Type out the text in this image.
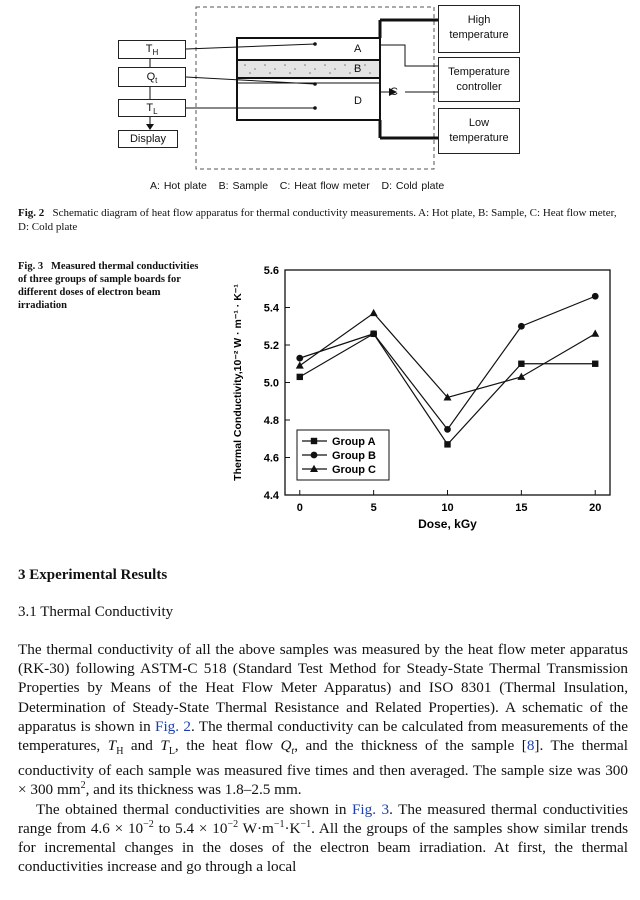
A
B
C
D
$T_H$
$Q_t$
$T_L$
Display
High temperature
Temperature controller
Low temperature
A: Hot plate   B: Sample   C: Heat flow meter   D: Cold plate
Fig. 2 Schematic diagram of heat flow apparatus for thermal conductivity measurements. A: Hot plate, B: Sample, C: Heat flow meter, D: Cold plate
Fig. 3 Measured thermal conductivities of three groups of sample boards for different doses of electron beam irradiation
4.4
4.6
4.8
5.0
5.2
5.4
5.6
0	5	10	15	20
Dose, kGy
Thermal Conductivity,10⁻² W · m⁻¹ · K⁻¹	Group A
Group B
Group C
3 Experimental Results
3.1 Thermal Conductivity

The thermal conductivity of all the above samples was measured by the heat flow meter apparatus (RK-30) following ASTM-C 518 (Standard Test Method for Steady-State Thermal Transmission Properties by Means of the Heat Flow Meter Apparatus) and ISO 8301 (Thermal Insulation, Determination of Steady-State Thermal Resistance and Related Properties). A schematic of the apparatus is shown in Fig. 2. The thermal conductivity can be calculated from measurements of the temperatures, $T_H$ and $T_L$, the heat flow $Q_t$, and the thickness of the sample [8]. The thermal conductivity of each sample was measured five times and then averaged. The sample size was 300 × 300 $mm^2$, and its thickness was 1.8–2.5 mm.

The obtained thermal conductivities are shown in Fig. 3. The measured thermal conductivities range from $4.6 \times 10^{-2}$ to $5.4 \times 10^{-2}$ $W\cdot m^{-1}\cdot K^{-1}$. All the groups of the samples show similar trends for incremental changes in the doses of the electron beam irradiation. At first, the thermal conductivities increase and go through a local
